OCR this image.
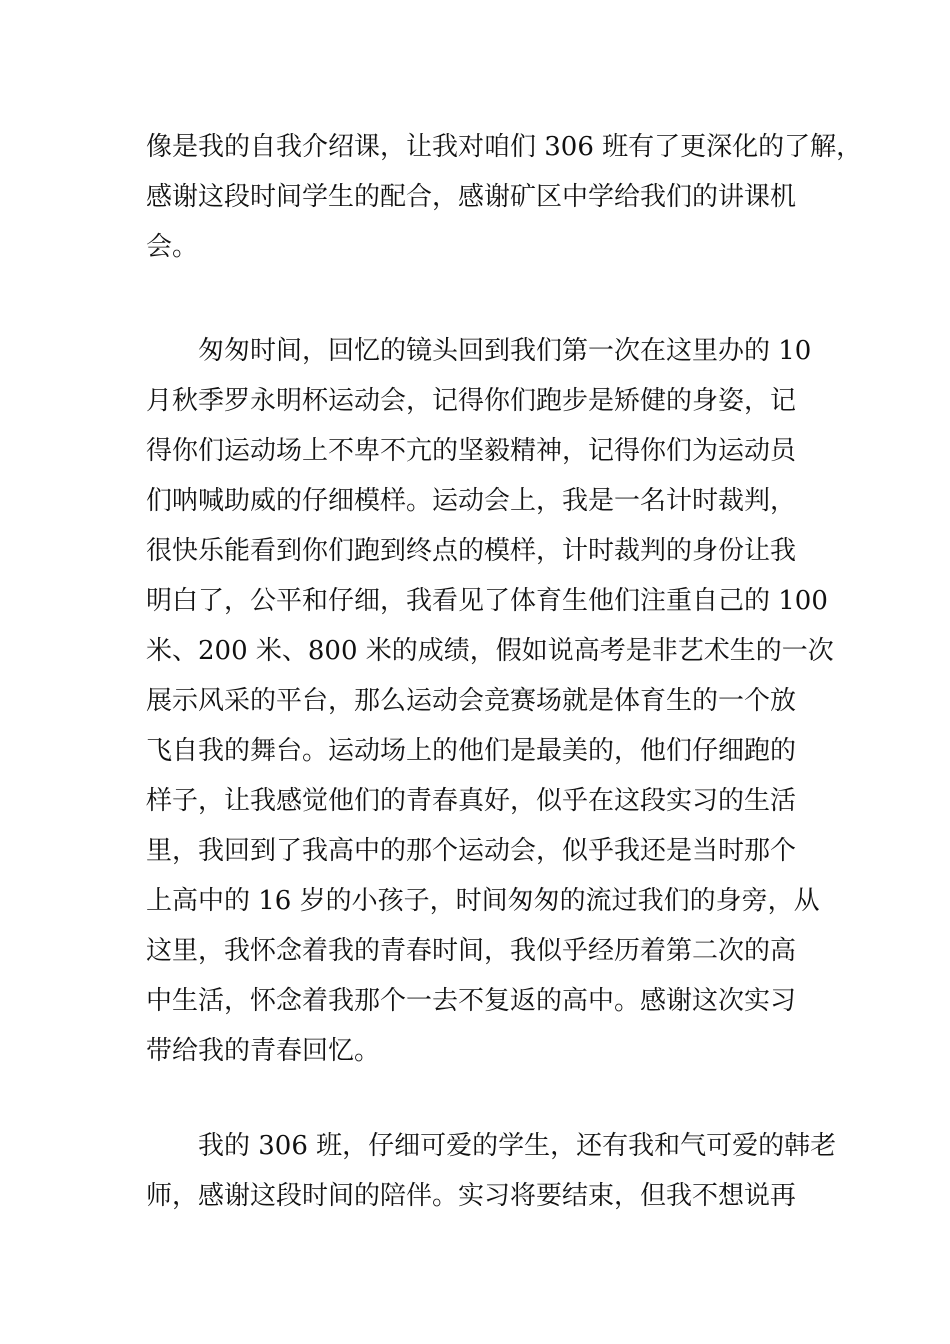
像是我的自我介绍课，让我对咱们 306 班有了更深化的了解，
感谢这段时间学生的配合，感谢矿区中学给我们的讲课机
会。
匆匆时间，回忆的镜头回到我们第一次在这里办的 10
月秋季罗永明杯运动会，记得你们跑步是矫健的身姿，记
得你们运动场上不卑不亢的坚毅精神，记得你们为运动员
们呐喊助威的仔细模样。运动会上，我是一名计时裁判，
很快乐能看到你们跑到终点的模样，计时裁判的身份让我
明白了，公平和仔细，我看见了体育生他们注重自己的 100
米、200 米、800 米的成绩，假如说高考是非艺术生的一次
展示风采的平台，那么运动会竞赛场就是体育生的一个放
飞自我的舞台。运动场上的他们是最美的，他们仔细跑的
样子，让我感觉他们的青春真好，似乎在这段实习的生活
里，我回到了我高中的那个运动会，似乎我还是当时那个
上高中的 16 岁的小孩子，时间匆匆的流过我们的身旁，从
这里，我怀念着我的青春时间，我似乎经历着第二次的高
中生活，怀念着我那个一去不复返的高中。感谢这次实习
带给我的青春回忆。
我的 306 班，仔细可爱的学生，还有我和气可爱的韩老
师，感谢这段时间的陪伴。实习将要结束，但我不想说再
